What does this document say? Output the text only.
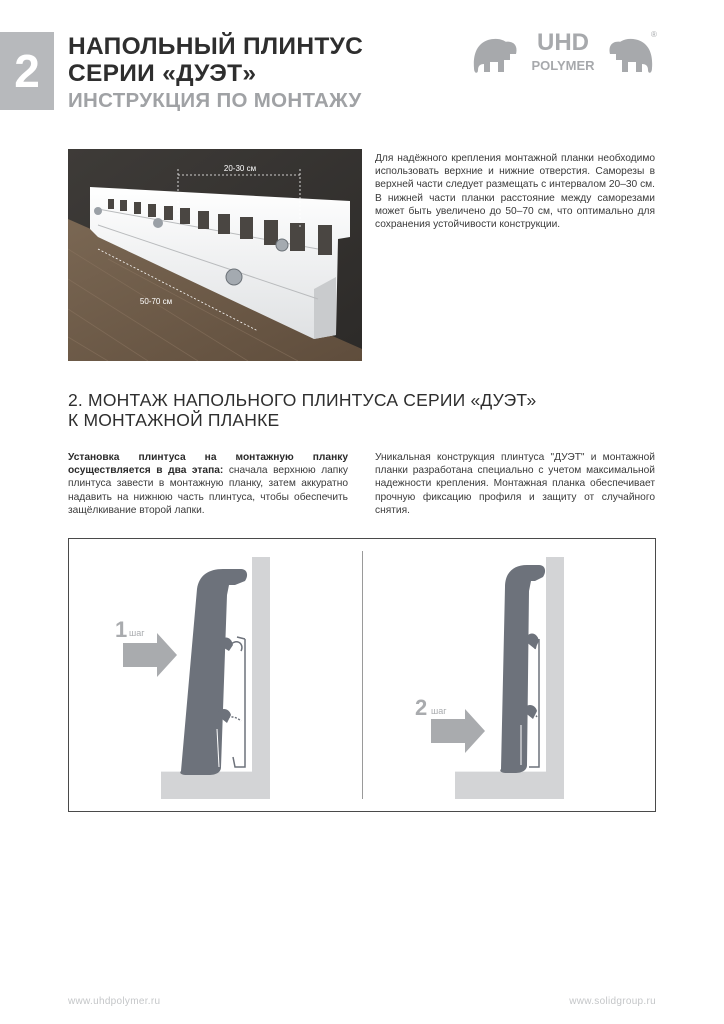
2 НАПОЛЬНЫЙ ПЛИНТУС
СЕРИИ «ДУЭТ»
ИНСТРУКЦИЯ ПО МОНТАЖУ
UHD
POLYMER
®
20-30 см
50-70 см
Для надёжного крепления монтажной планки необходимо использовать верхние и нижние отверстия. Саморезы в верхней части следует размещать с интервалом 20–30 см. В нижней части планки расстояние между саморезами может быть увеличено до 50–70 см, что оптимально для сохранения устойчивости конструкции.
2. МОНТАЖ НАПОЛЬНОГО ПЛИНТУСА СЕРИИ «ДУЭТ»
К МОНТАЖНОЙ ПЛАНКЕ
Установка плинтуса на монтажную планку осуществляется в два этапа: сначала верхнюю лапку плинтуса завести в монтажную планку, затем аккуратно надавить на нижнюю часть плинтуса, чтобы обеспечить защёлкивание второй лапки.
Уникальная конструкция плинтуса "ДУЭТ" и монтажной планки разработана специально с учетом максимальной надежности крепления. Монтажная планка обеспечивает прочную фиксацию профиля и защиту от случайного снятия.
1 шаг
2 шаг
www.uhdpolymer.ru	www.solidgroup.ru
